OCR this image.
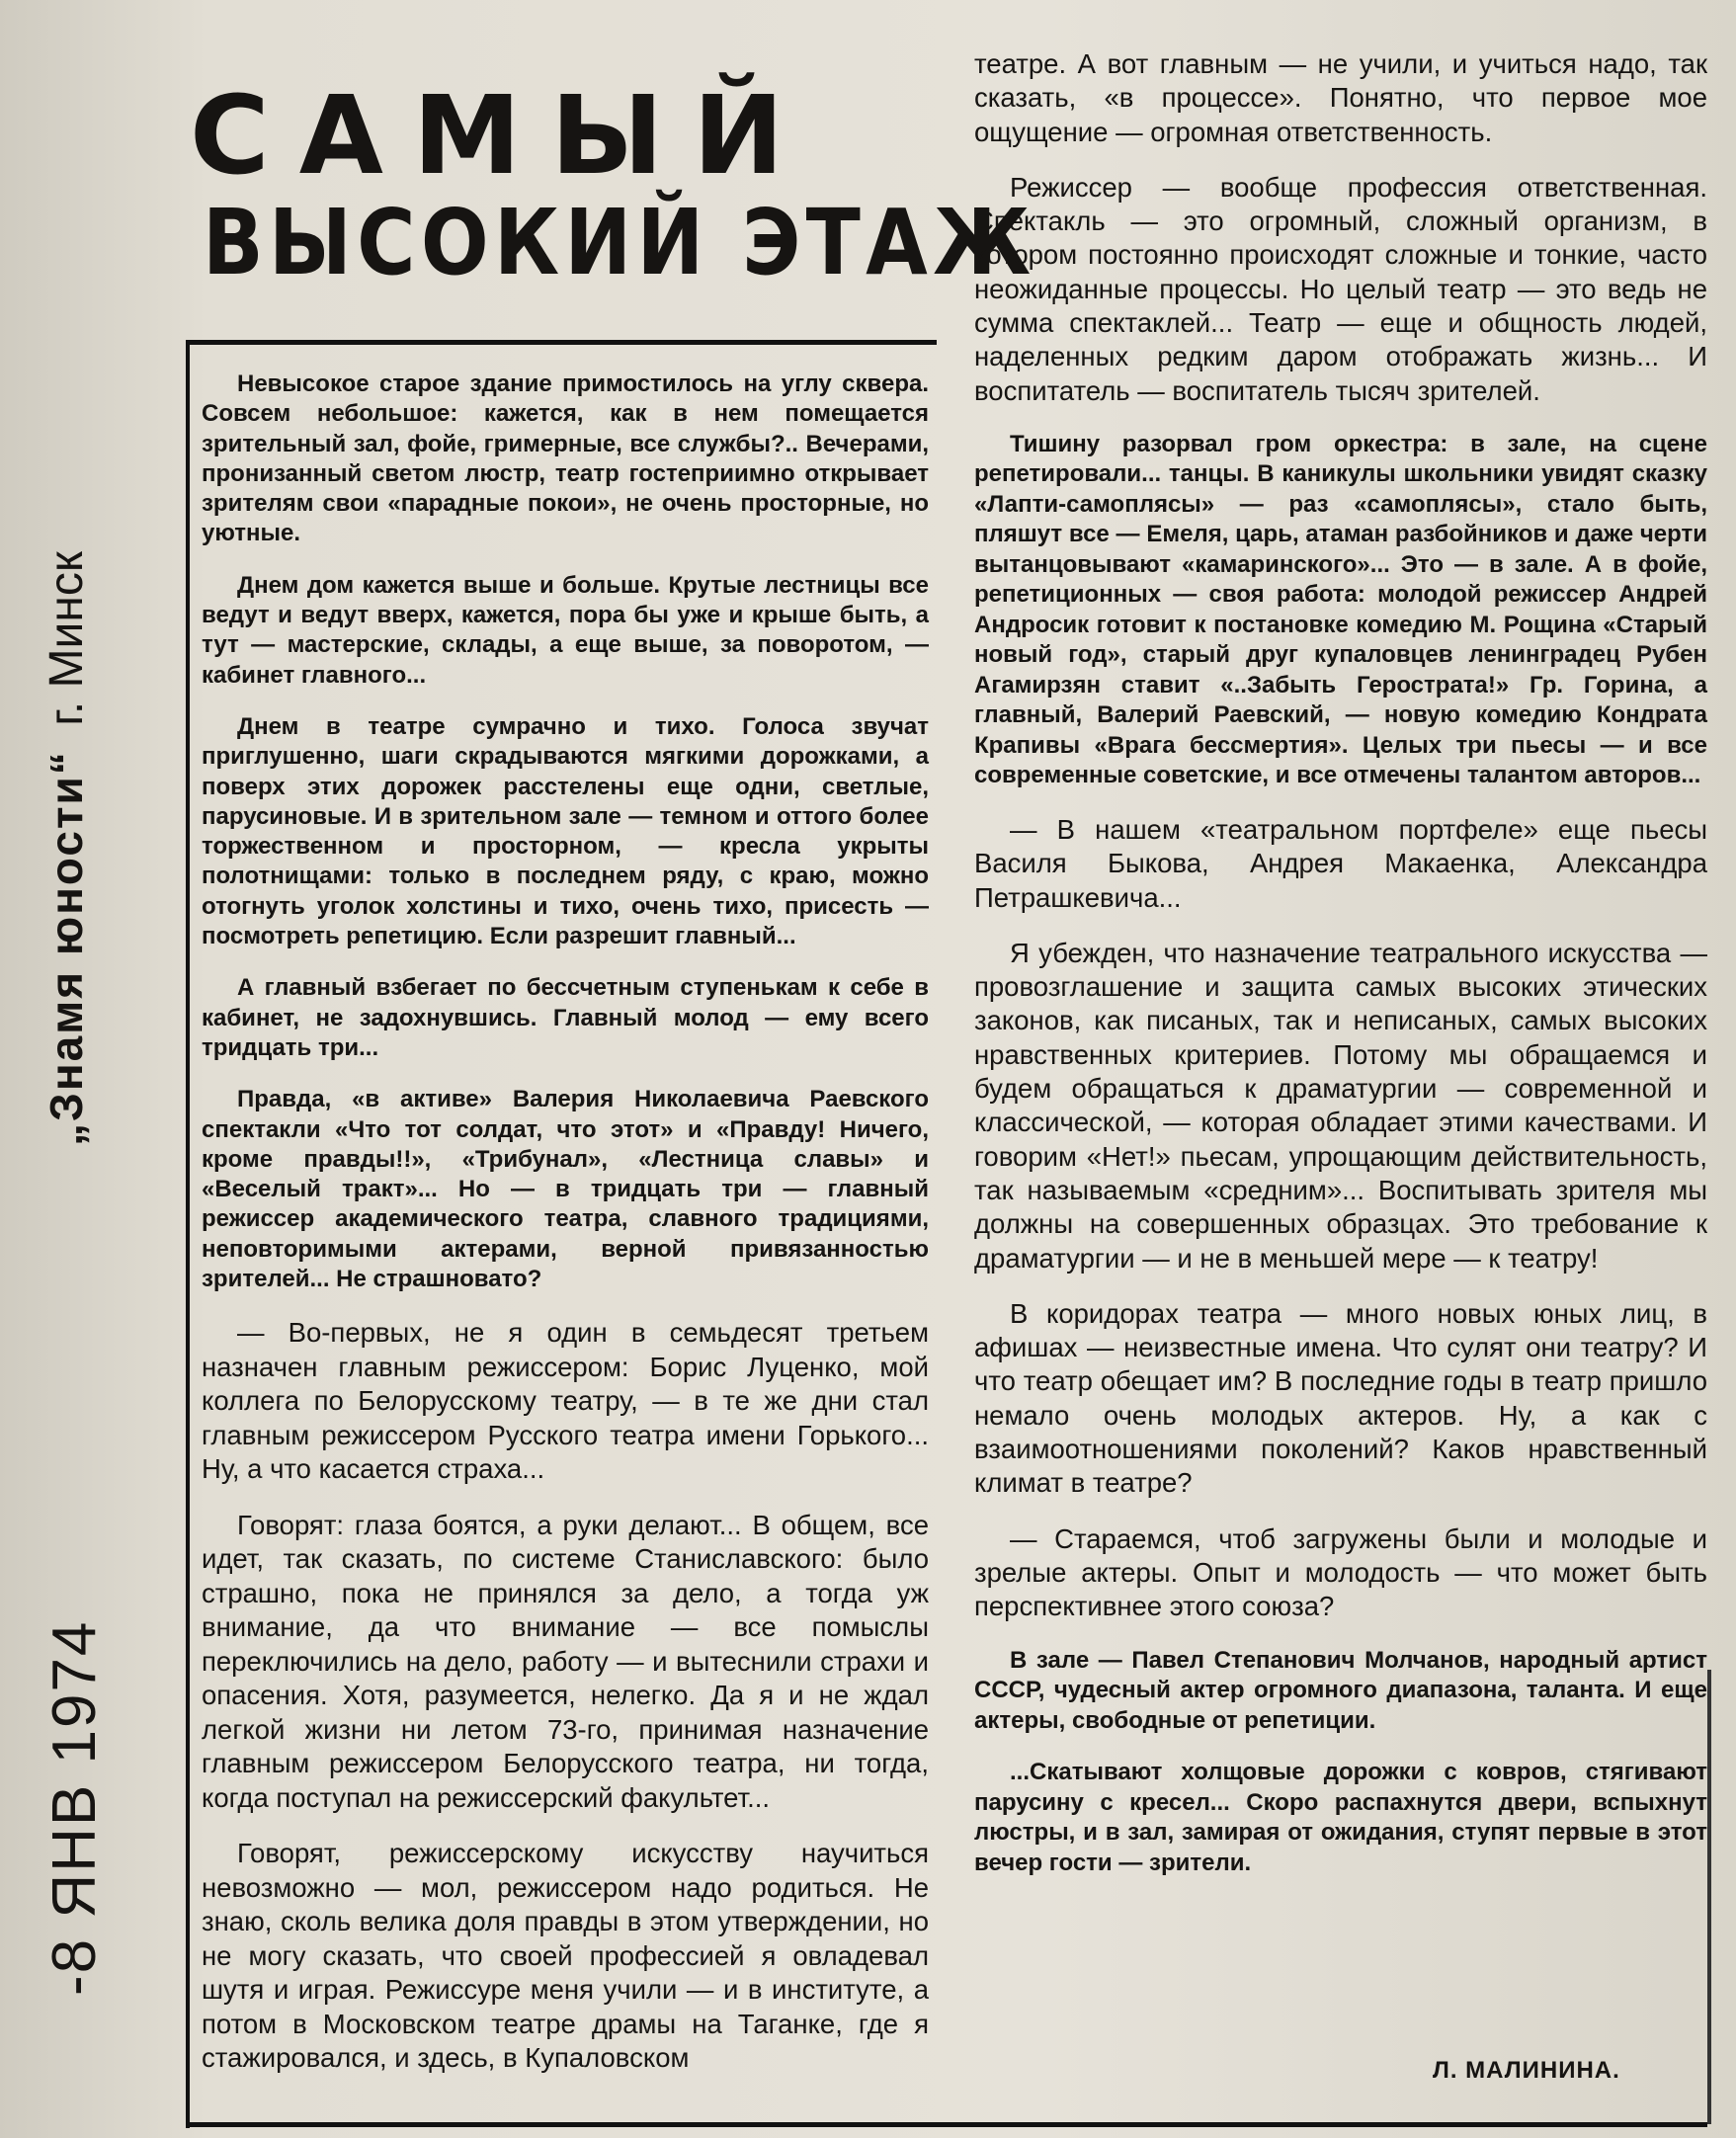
„Знамя юности“ г. Минск
-8 ЯНВ 1974
САМЫЙ
ВЫСОКИЙ ЭТАЖ

Невысокое старое здание примостилось на углу сквера. Совсем небольшое: кажется, как в нем помещается зрительный зал, фойе, гримерные, все службы?.. Вечерами, пронизанный светом люстр, театр гостеприимно открывает зрителям свои «парадные покои», не очень просторные, но уютные.

Днем дом кажется выше и больше. Крутые лестницы все ведут и ведут вверх, кажется, пора бы уже и крыше быть, а тут — мастерские, склады, а еще выше, за поворотом, — кабинет главного...

Днем в театре сумрачно и тихо. Голоса звучат приглушенно, шаги скрадываются мягкими дорожками, а поверх этих дорожек расстелены еще одни, светлые, парусиновые. И в зрительном зале — темном и оттого более торжественном и просторном, — кресла укрыты полотнищами: только в последнем ряду, с краю, можно отогнуть уголок холстины и тихо, очень тихо, присесть — посмотреть репетицию. Если разрешит главный...

А главный взбегает по бессчетным ступенькам к себе в кабинет, не задохнувшись. Главный молод — ему всего тридцать три...

Правда, «в активе» Валерия Николаевича Раевского спектакли «Что тот солдат, что этот» и «Правду! Ничего, кроме правды!!», «Трибунал», «Лестница славы» и «Веселый тракт»... Но — в тридцать три — главный режиссер академического театра, славного традициями, неповторимыми актерами, верной привязанностью зрителей... Не страшновато?

— Во-первых, не я один в семьдесят третьем назначен главным режиссером: Борис Луценко, мой коллега по Белорусскому театру, — в те же дни стал главным режиссером Русского театра имени Горького... Ну, а что касается страха...

Говорят: глаза боятся, а руки делают... В общем, все идет, так сказать, по системе Станиславского: было страшно, пока не принялся за дело, а тогда уж внимание, да что внимание — все помыслы переключились на дело, работу — и вытеснили страхи и опасения. Хотя, разумеется, нелегко. Да я и не ждал легкой жизни ни летом 73-го, принимая назначение главным режиссером Белорусского театра, ни тогда, когда поступал на режиссерский факультет...

Говорят, режиссерскому искусству научиться невозможно — мол, режиссером надо родиться. Не знаю, сколь велика доля правды в этом утверждении, но не могу сказать, что своей профессией я овладевал шутя и играя. Режиссуре меня учили — и в институте, а потом в Московском театре драмы на Таганке, где я стажировался, и здесь, в Купаловском

театре. А вот главным — не учили, и учиться надо, так сказать, «в процессе». Понятно, что первое мое ощущение — огромная ответственность.

Режиссер — вообще профессия ответственная. Спектакль — это огромный, сложный организм, в котором постоянно происходят сложные и тонкие, часто неожиданные процессы. Но целый театр — это ведь не сумма спектаклей... Театр — еще и общность людей, наделенных редким даром отображать жизнь... И воспитатель — воспитатель тысяч зрителей.

Тишину разорвал гром оркестра: в зале, на сцене репетировали... танцы. В каникулы школьники увидят сказку «Лапти-самоплясы» — раз «самоплясы», стало быть, пляшут все — Емеля, царь, атаман разбойников и даже черти вытанцовывают «камаринского»... Это — в зале. А в фойе, репетиционных — своя работа: молодой режиссер Андрей Андросик готовит к постановке комедию М. Рощина «Старый новый год», старый друг купаловцев ленинградец Рубен Агамирзян ставит «..Забыть Герострата!» Гр. Горина, а главный, Валерий Раевский, — новую комедию Кондрата Крапивы «Врага бессмертия». Целых три пьесы — и все современные советские, и все отмечены талантом авторов...

— В нашем «театральном портфеле» еще пьесы Василя Быкова, Андрея Макаенка, Александра Петрашкевича...

Я убежден, что назначение театрального искусства — провозглашение и защита самых высоких этических законов, как писаных, так и неписаных, самых высоких нравственных критериев. Потому мы обращаемся и будем обращаться к драматургии — современной и классической, — которая обладает этими качествами. И говорим «Нет!» пьесам, упрощающим действительность, так называемым «средним»... Воспитывать зрителя мы должны на совершенных образцах. Это требование к драматургии — и не в меньшей мере — к театру!

В коридорах театра — много новых юных лиц, в афишах — неизвестные имена. Что сулят они театру? И что театр обещает им? В последние годы в театр пришло немало очень молодых актеров. Ну, а как с взаимоотношениями поколений? Каков нравственный климат в театре?

— Стараемся, чтоб загружены были и молодые и зрелые актеры. Опыт и молодость — что может быть перспективнее этого союза?

В зале — Павел Степанович Молчанов, народный артист СССР, чудесный актер огромного диапазона, таланта. И еще актеры, свободные от репетиции.

...Скатывают холщовые дорожки с ковров, стягивают парусину с кресел... Скоро распахнутся двери, вспыхнут люстры, и в зал, замирая от ожидания, ступят первые в этот вечер гости — зрители.

Л. МАЛИНИНА.
